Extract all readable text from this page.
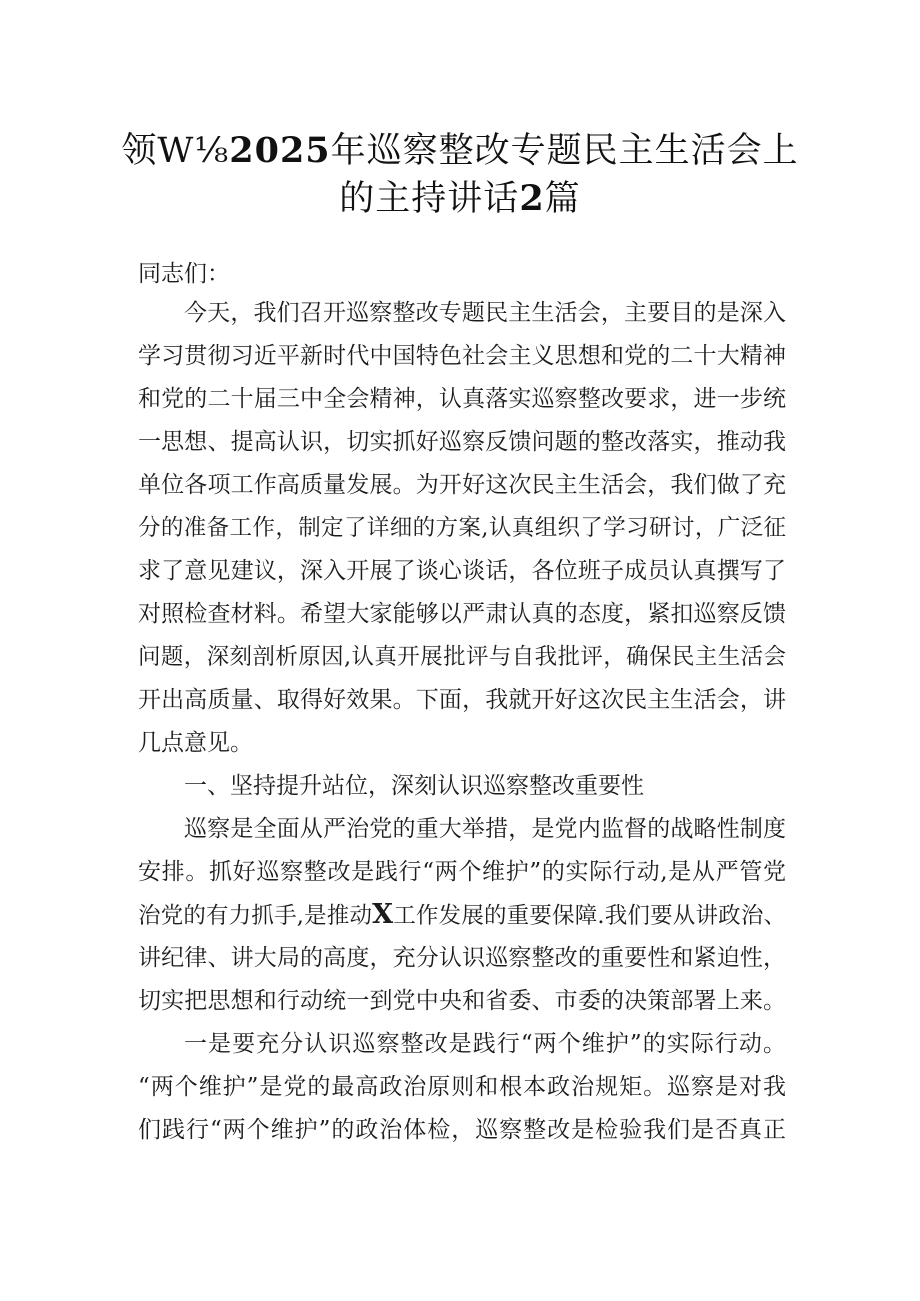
领W⅛2025年巡察整改专题民主生活会上
的主持讲话2篇
同志们：
今天，我们召开巡察整改专题民主生活会，主要目的是深入
学习贯彻习近平新时代中国特色社会主义思想和党的二十大精神
和党的二十届三中全会精神，认真落实巡察整改要求，进一步统
一思想、提高认识，切实抓好巡察反馈问题的整改落实，推动我
单位各项工作高质量发展。为开好这次民主生活会，我们做了充
分的准备工作，制定了详细的方案,认真组织了学习研讨，广泛征
求了意见建议，深入开展了谈心谈话，各位班子成员认真撰写了
对照检查材料。希望大家能够以严肃认真的态度，紧扣巡察反馈
问题，深刻剖析原因,认真开展批评与自我批评，确保民主生活会
开出高质量、取得好效果。下面，我就开好这次民主生活会，讲
几点意见。
一、坚持提升站位，深刻认识巡察整改重要性
巡察是全面从严治党的重大举措，是党内监督的战略性制度
安排。抓好巡察整改是践行“两个维护”的实际行动,是从严管党
治党的有力抓手,是推动X工作发展的重要保障.我们要从讲政治、
讲纪律、讲大局的高度，充分认识巡察整改的重要性和紧迫性，
切实把思想和行动统一到党中央和省委、市委的决策部署上来。
一是要充分认识巡察整改是践行“两个维护”的实际行动。
“两个维护”是党的最高政治原则和根本政治规矩。巡察是对我
们践行“两个维护”的政治体检，巡察整改是检验我们是否真正
